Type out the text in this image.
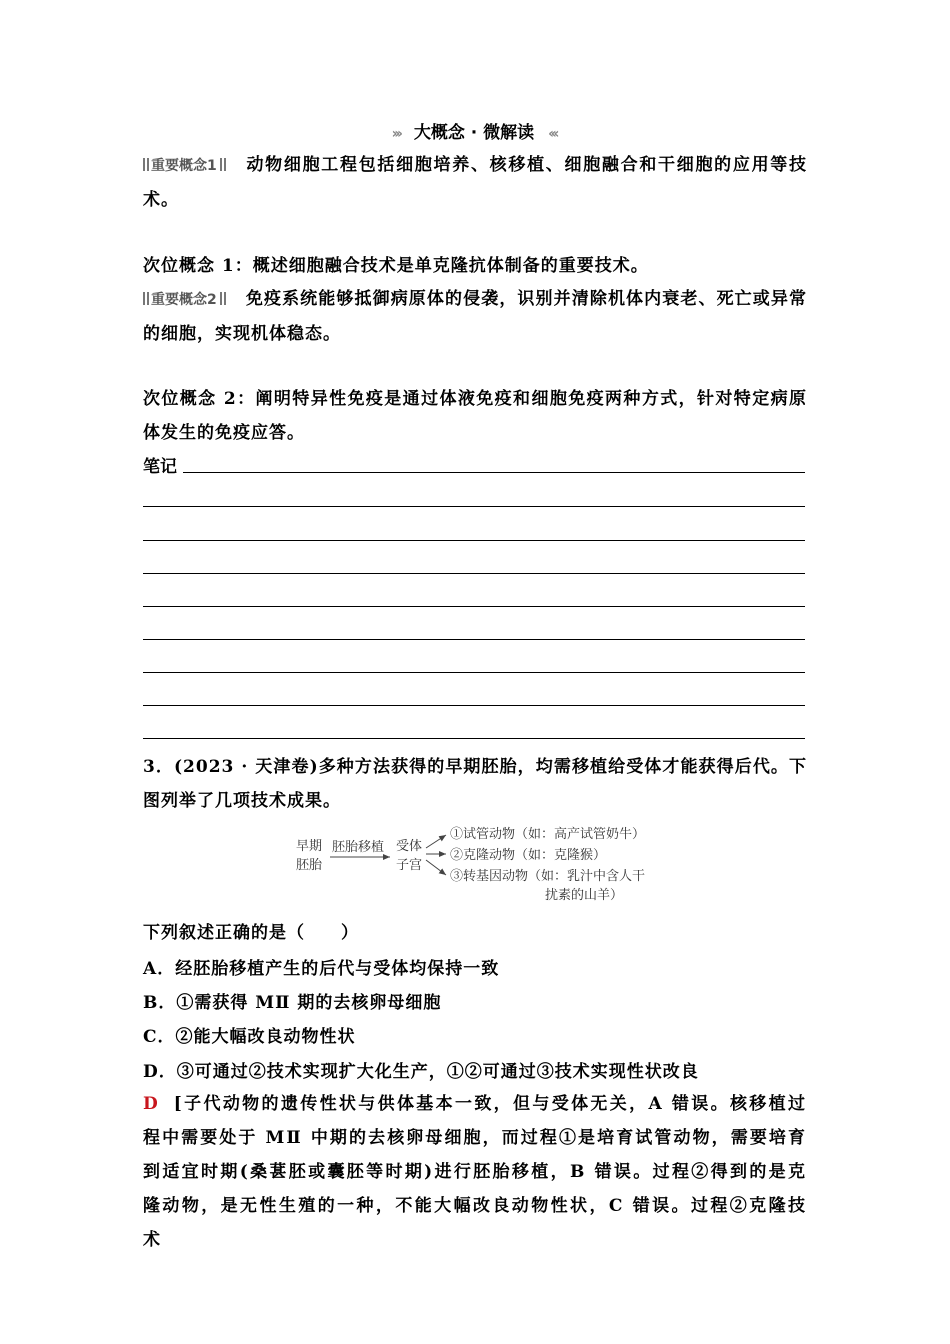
››› 大概念 · 微解读 ‹‹‹
重要概念1 动物细胞工程包括细胞培养、核移植、细胞融合和干细胞的应用等技术。
次位概念 1：概述细胞融合技术是单克隆抗体制备的重要技术。
重要概念2 免疫系统能够抵御病原体的侵袭，识别并清除机体内衰老、死亡或异常的细胞，实现机体稳态。
次位概念 2：阐明特异性免疫是通过体液免疫和细胞免疫两种方式，针对特定病原体发生的免疫应答。
笔记
3．(2023 · 天津卷)多种方法获得的早期胚胎，均需移植给受体才能获得后代。下图列举了几项技术成果。
早期
胚胎
胚胎移植 受体
子宫
①试管动物（如：高产试管奶牛）
②克隆动物（如：克隆猴）
③转基因动物（如：乳汁中含人干
扰素的山羊）
下列叙述正确的是（　　）
A．经胚胎移植产生的后代与受体均保持一致
B．①需获得 MⅡ 期的去核卵母细胞
C．②能大幅改良动物性状
D．③可通过②技术实现扩大化生产，①②可通过③技术实现性状改良
D [子代动物的遗传性状与供体基本一致，但与受体无关，A 错误。核移植过程中需要处于 MⅡ 中期的去核卵母细胞，而过程①是培育试管动物，需要培育到适宜时期(桑葚胚或囊胚等时期)进行胚胎移植，B 错误。过程②得到的是克隆动物，是无性生殖的一种，不能大幅改良动物性状，C 错误。过程②克隆技术
